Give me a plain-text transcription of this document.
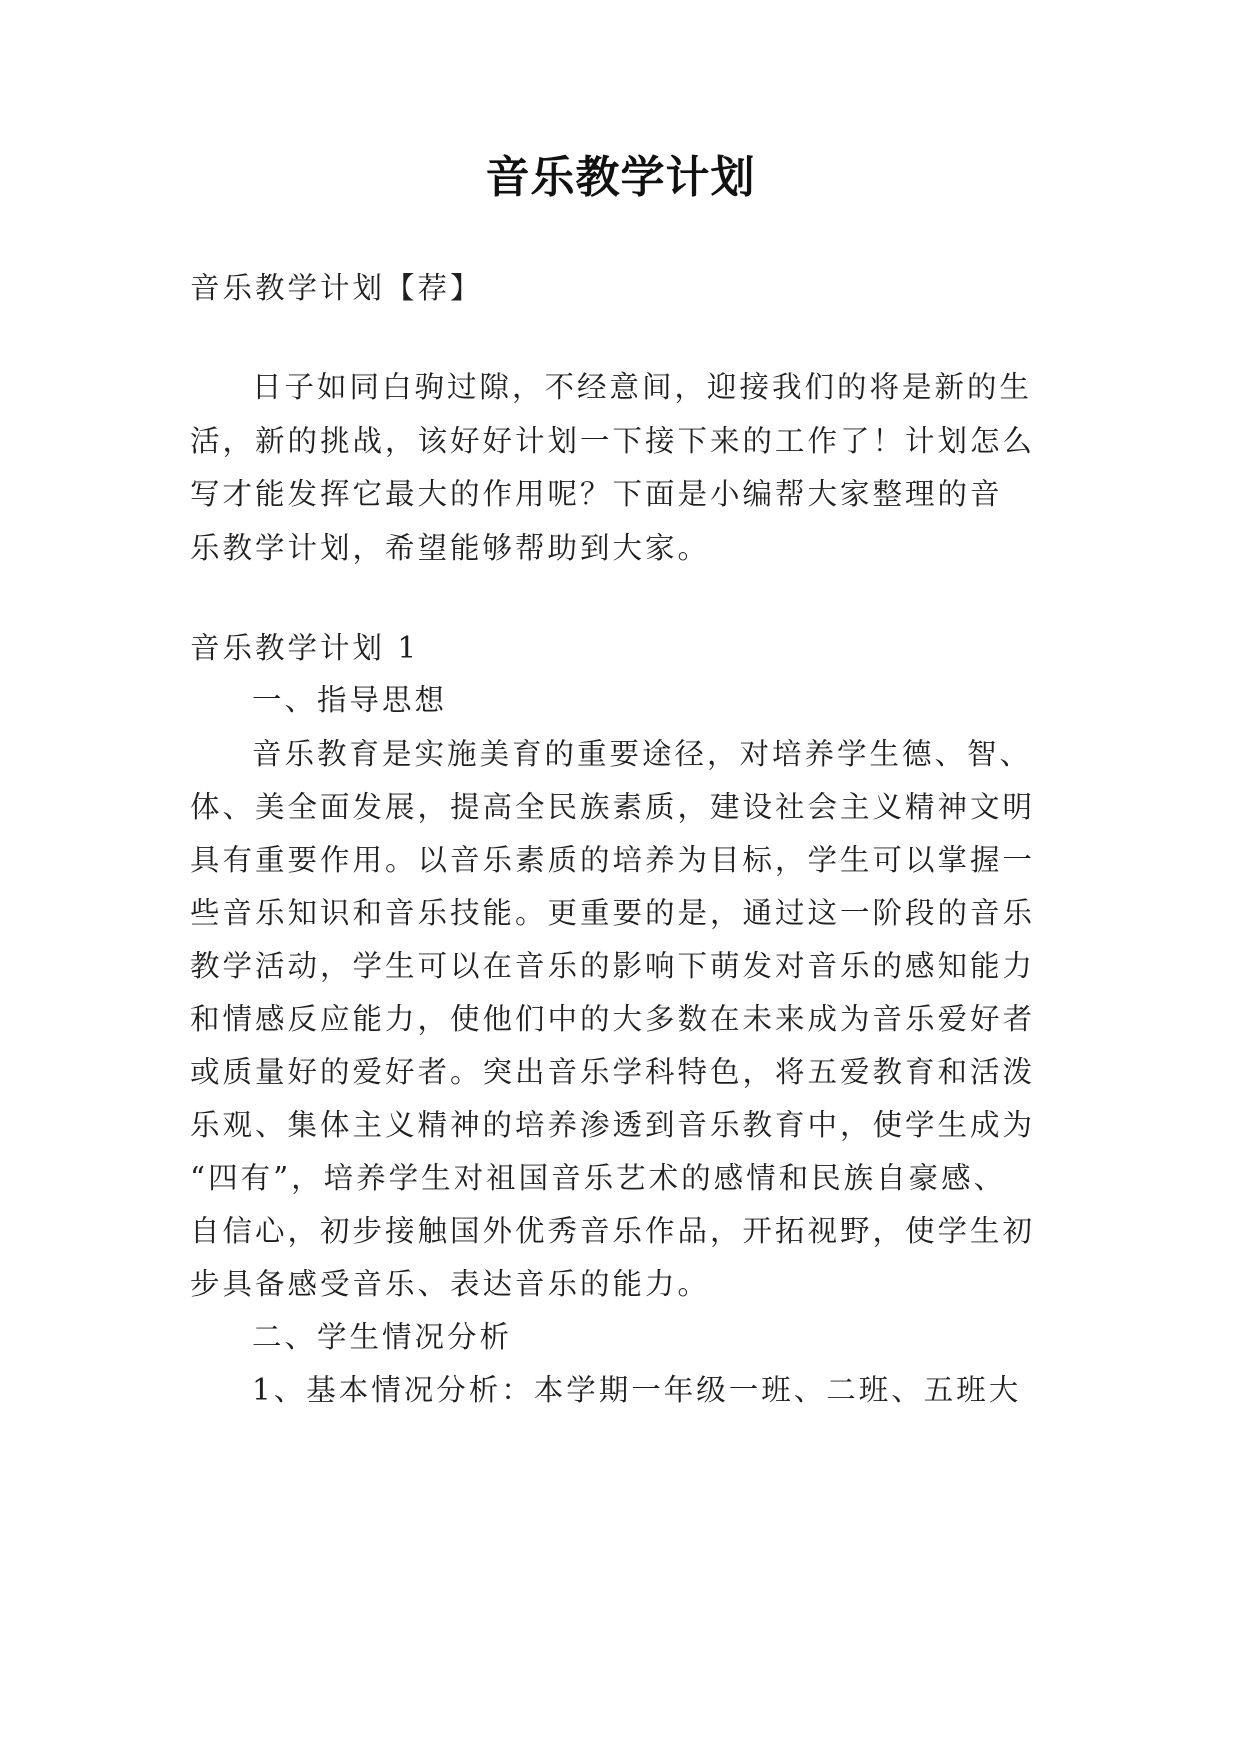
音乐教学计划
音乐教学计划【荐】
日子如同白驹过隙，不经意间，迎接我们的将是新的生
活，新的挑战，该好好计划一下接下来的工作了！计划怎么
写才能发挥它最大的作用呢？下面是小编帮大家整理的音
乐教学计划，希望能够帮助到大家。
音乐教学计划 1
一、指导思想
音乐教育是实施美育的重要途径，对培养学生德、智、
体、美全面发展，提高全民族素质，建设社会主义精神文明
具有重要作用。以音乐素质的培养为目标，学生可以掌握一
些音乐知识和音乐技能。更重要的是，通过这一阶段的音乐
教学活动，学生可以在音乐的影响下萌发对音乐的感知能力
和情感反应能力，使他们中的大多数在未来成为音乐爱好者
或质量好的爱好者。突出音乐学科特色，将五爱教育和活泼
乐观、集体主义精神的培养渗透到音乐教育中，使学生成为
“四有”，培养学生对祖国音乐艺术的感情和民族自豪感、
自信心，初步接触国外优秀音乐作品，开拓视野，使学生初
步具备感受音乐、表达音乐的能力。
二、学生情况分析
1、基本情况分析：本学期一年级一班、二班、五班大
